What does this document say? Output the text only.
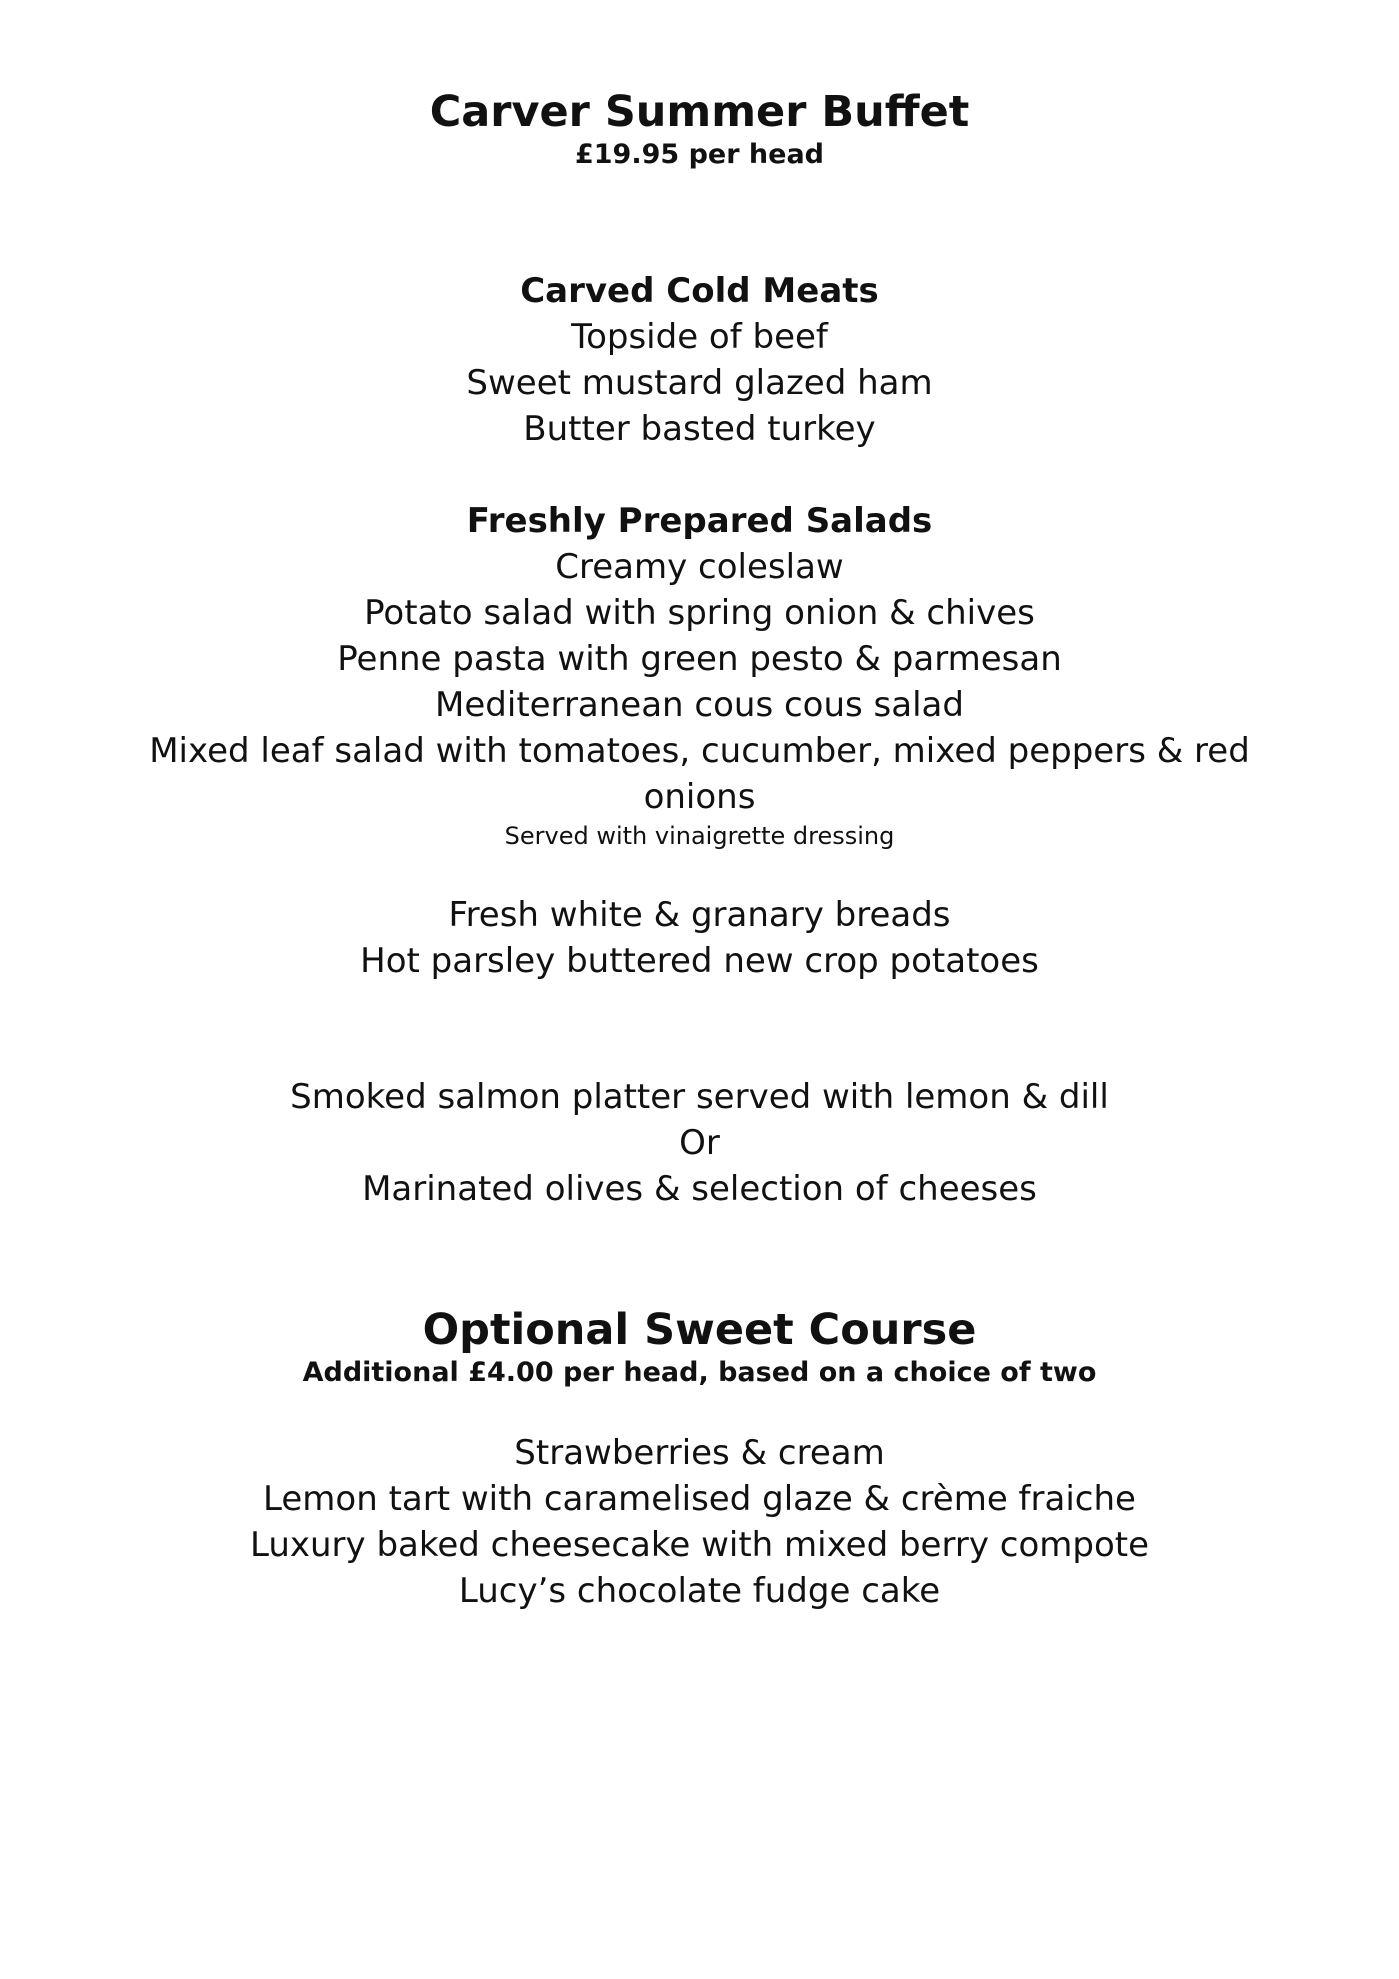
Carver Summer Buffet

£19.95 per head

Carved Cold Meats

Topside of beef

Sweet mustard glazed ham

Butter basted turkey

Freshly Prepared Salads

Creamy coleslaw

Potato salad with spring onion & chives

Penne pasta with green pesto & parmesan

Mediterranean cous cous salad

Mixed leaf salad with tomatoes, cucumber, mixed peppers & red onions

Served with vinaigrette dressing

Fresh white & granary breads

Hot parsley buttered new crop potatoes

Smoked salmon platter served with lemon & dill

Or

Marinated olives & selection of cheeses

Optional Sweet Course

Additional £4.00 per head, based on a choice of two

Strawberries & cream

Lemon tart with caramelised glaze & crème fraiche

Luxury baked cheesecake with mixed berry compote

Lucy’s chocolate fudge cake
